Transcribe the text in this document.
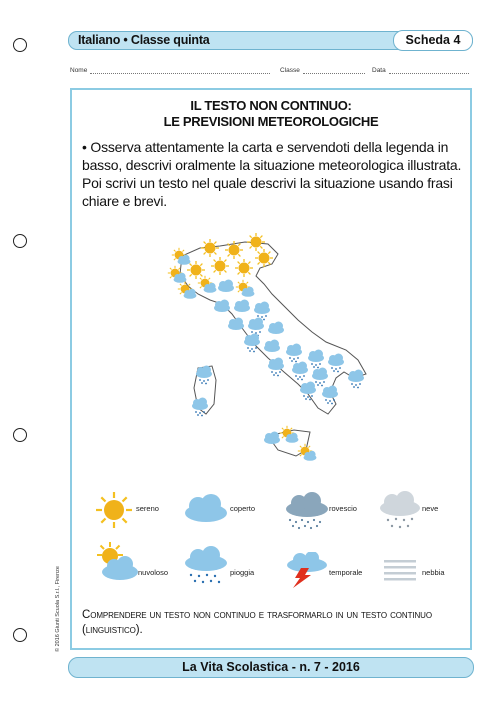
Italiano • Classe quinta	Scheda 4
Nome	Classe	Data
IL TESTO NON CONTINUO:
LE PREVISIONI METEOROLOGICHE

• Osserva attentamente la carta e servendoti della legenda in basso, descrivi oralmente la situazione meteorologica illustrata.

Poi scrivi un testo nel quale descrivi la situazione usando frasi chiare e brevi.

sereno	coperto	rovescio	neve
nuvoloso	pioggia	temporale	nebbia
Comprendere un testo non continuo e trasformarlo in un testo continuo (linguistico).
© 2016 Giunti Scuola S.r.l., Firenze
La Vita Scolastica - n. 7 - 2016
